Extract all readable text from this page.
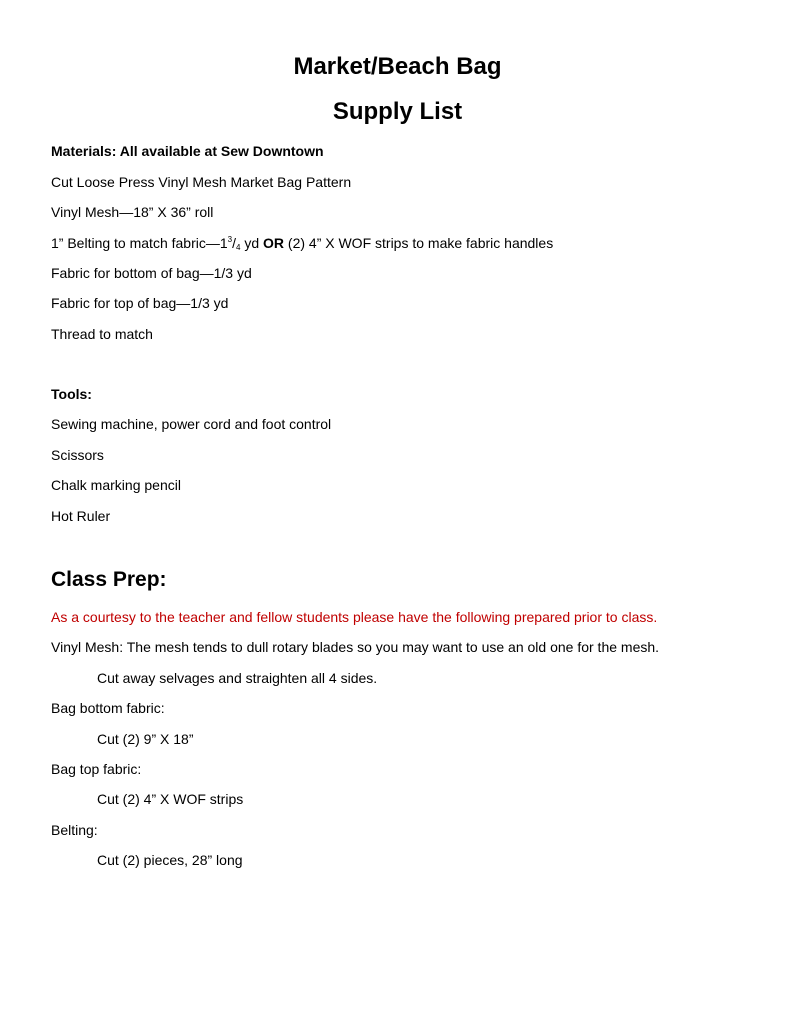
Market/Beach Bag
Supply List
Materials: All available at Sew Downtown
Cut Loose Press Vinyl Mesh Market Bag Pattern
Vinyl Mesh—18” X 36” roll
1” Belting to match $fabric—1^3/_4$ yd OR (2) 4” X WOF strips to make fabric handles
Fabric for bottom of bag—1/3 yd
Fabric for top of bag—1/3 yd
Thread to match
Tools:
Sewing machine, power cord and foot control
Scissors
Chalk marking pencil
Hot Ruler
Class Prep:
As a courtesy to the teacher and fellow students please have the following prepared prior to class.
Vinyl Mesh: The mesh tends to dull rotary blades so you may want to use an old one for the mesh.
Cut away selvages and straighten all 4 sides.
Bag bottom fabric:
Cut (2) 9” X 18”
Bag top fabric:
Cut (2) 4” X WOF strips
Belting:
Cut (2) pieces, 28” long
